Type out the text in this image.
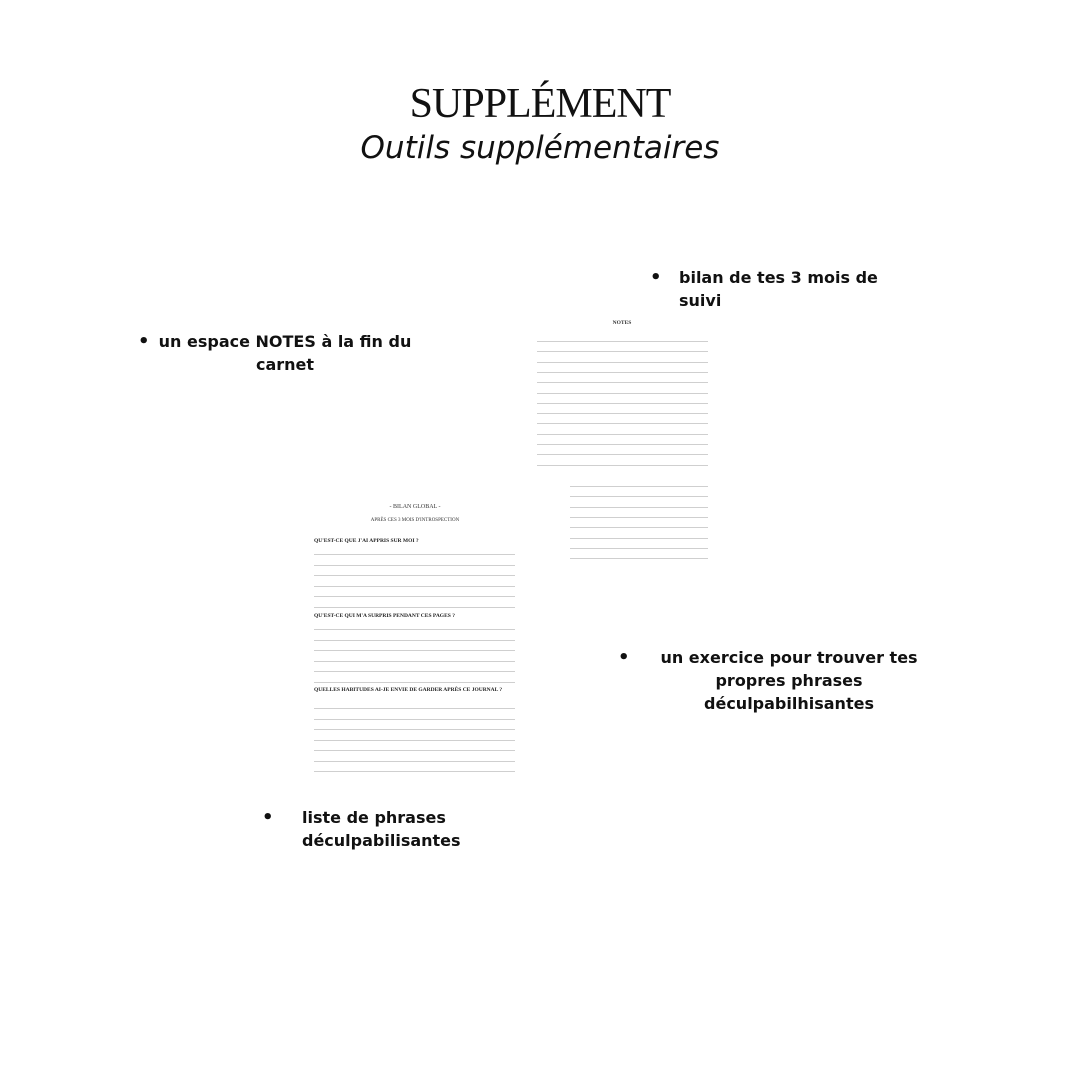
SUPPLÉMENT
Outils supplémentaires
• bilan de tes 3 mois de suivi
• un espace NOTES à la fin du
carnet
•	un exercice pour trouver tes
propres phrases déculpabilhisantes
• liste de phrases déculpabilisantes
NOTES
- BILAN GLOBAL -
APRÈS CES 3 MOIS D'INTROSPECTION
QU'EST-CE QUE J'AI APPRIS SUR MOI ?
QU'EST-CE QUI M'A SURPRIS PENDANT CES PAGES ?
QUELLES HABITUDES AI-JE ENVIE DE GARDER APRÈS CE JOURNAL ?
